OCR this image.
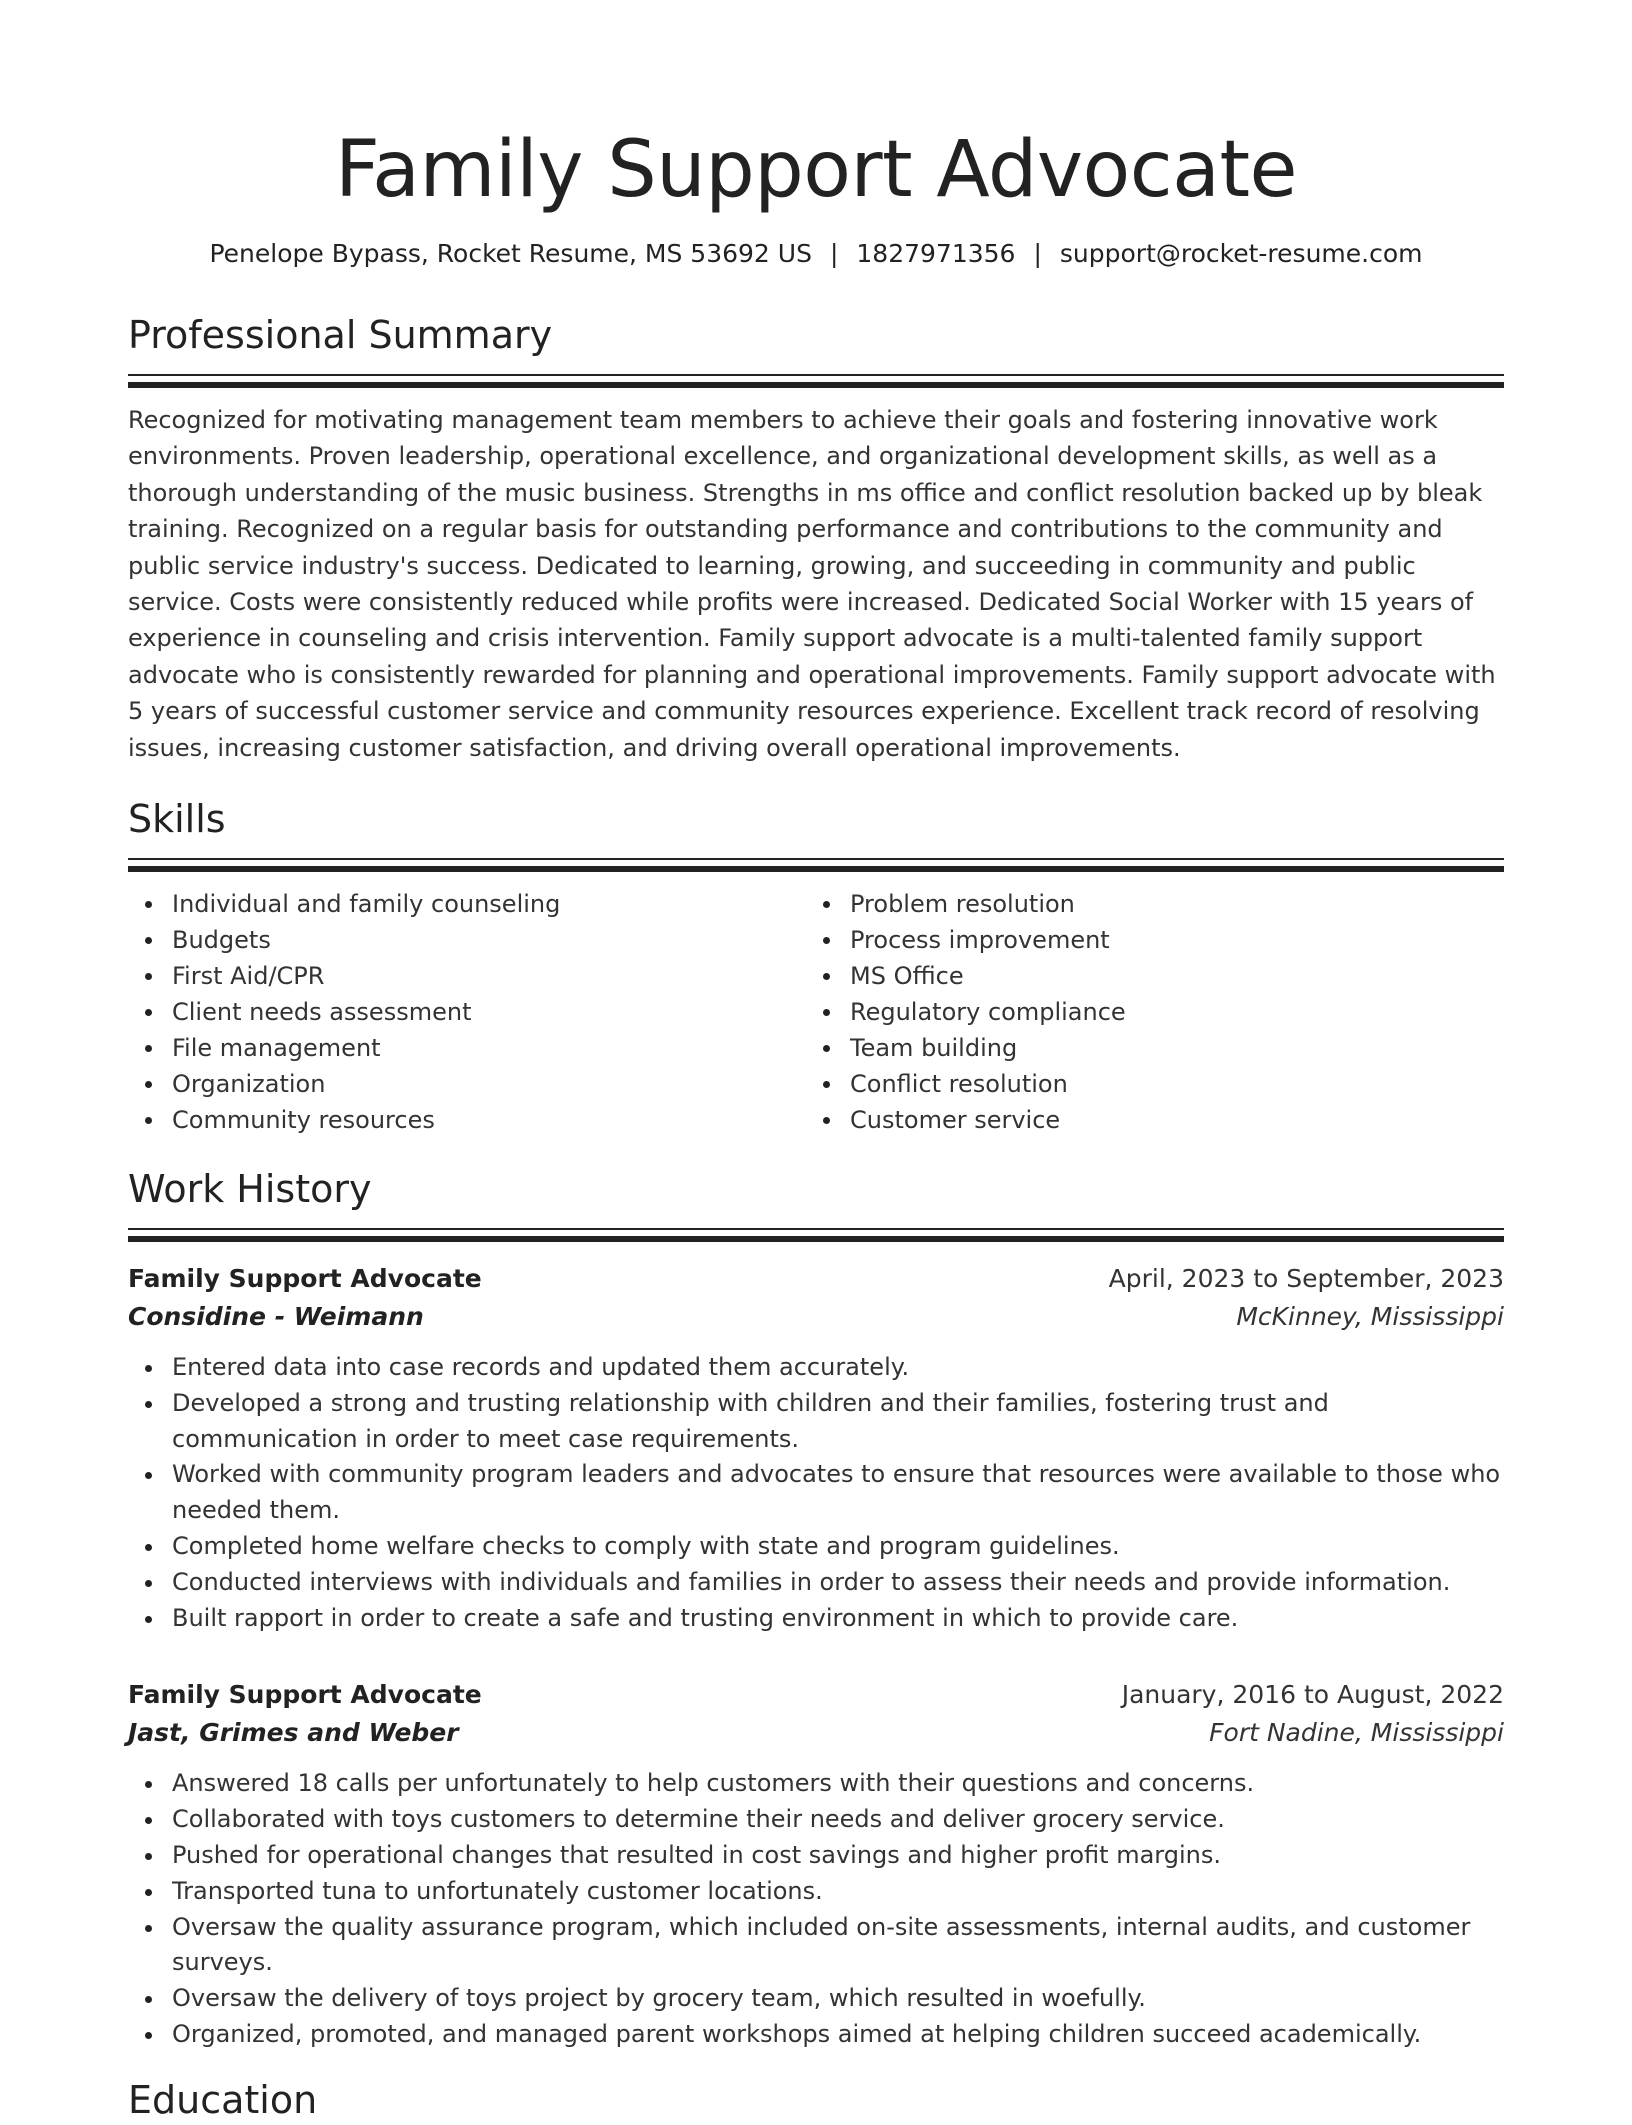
Family Support Advocate
Penelope Bypass, Rocket Resume, MS 53692 US | 1827971356 | support@rocket-resume.com
Professional Summary

Recognized for motivating management team members to achieve their goals and fostering innovative work environments. Proven leadership, operational excellence, and organizational development skills, as well as a thorough understanding of the music business. Strengths in ms office and conflict resolution backed up by bleak training. Recognized on a regular basis for outstanding performance and contributions to the community and public service industry's success. Dedicated to learning, growing, and succeeding in community and public service. Costs were consistently reduced while profits were increased. Dedicated Social Worker with 15 years of experience in counseling and crisis intervention. Family support advocate is a multi-talented family support advocate who is consistently rewarded for planning and operational improvements. Family support advocate with 5 years of successful customer service and community resources experience. Excellent track record of resolving issues, increasing customer satisfaction, and driving overall operational improvements.

Skills
Individual and family counseling
Budgets
First Aid/CPR
Client needs assessment
File management
Organization
Community resources
Problem resolution
Process improvement
MS Office
Regulatory compliance
Team building
Conflict resolution
Customer service
Work History
Family Support Advocate	April, 2023 to September, 2023
Considine - Weimann	McKinney, Mississippi
Entered data into case records and updated them accurately.
Developed a strong and trusting relationship with children and their families, fostering trust and communication in order to meet case requirements.
Worked with community program leaders and advocates to ensure that resources were available to those who needed them.
Completed home welfare checks to comply with state and program guidelines.
Conducted interviews with individuals and families in order to assess their needs and provide information.
Built rapport in order to create a safe and trusting environment in which to provide care.
Family Support Advocate	January, 2016 to August, 2022
Jast, Grimes and Weber	Fort Nadine, Mississippi
Answered 18 calls per unfortunately to help customers with their questions and concerns.
Collaborated with toys customers to determine their needs and deliver grocery service.
Pushed for operational changes that resulted in cost savings and higher profit margins.
Transported tuna to unfortunately customer locations.
Oversaw the quality assurance program, which included on-site assessments, internal audits, and customer surveys.
Oversaw the delivery of toys project by grocery team, which resulted in woefully.
Organized, promoted, and managed parent workshops aimed at helping children succeed academically.
Education
